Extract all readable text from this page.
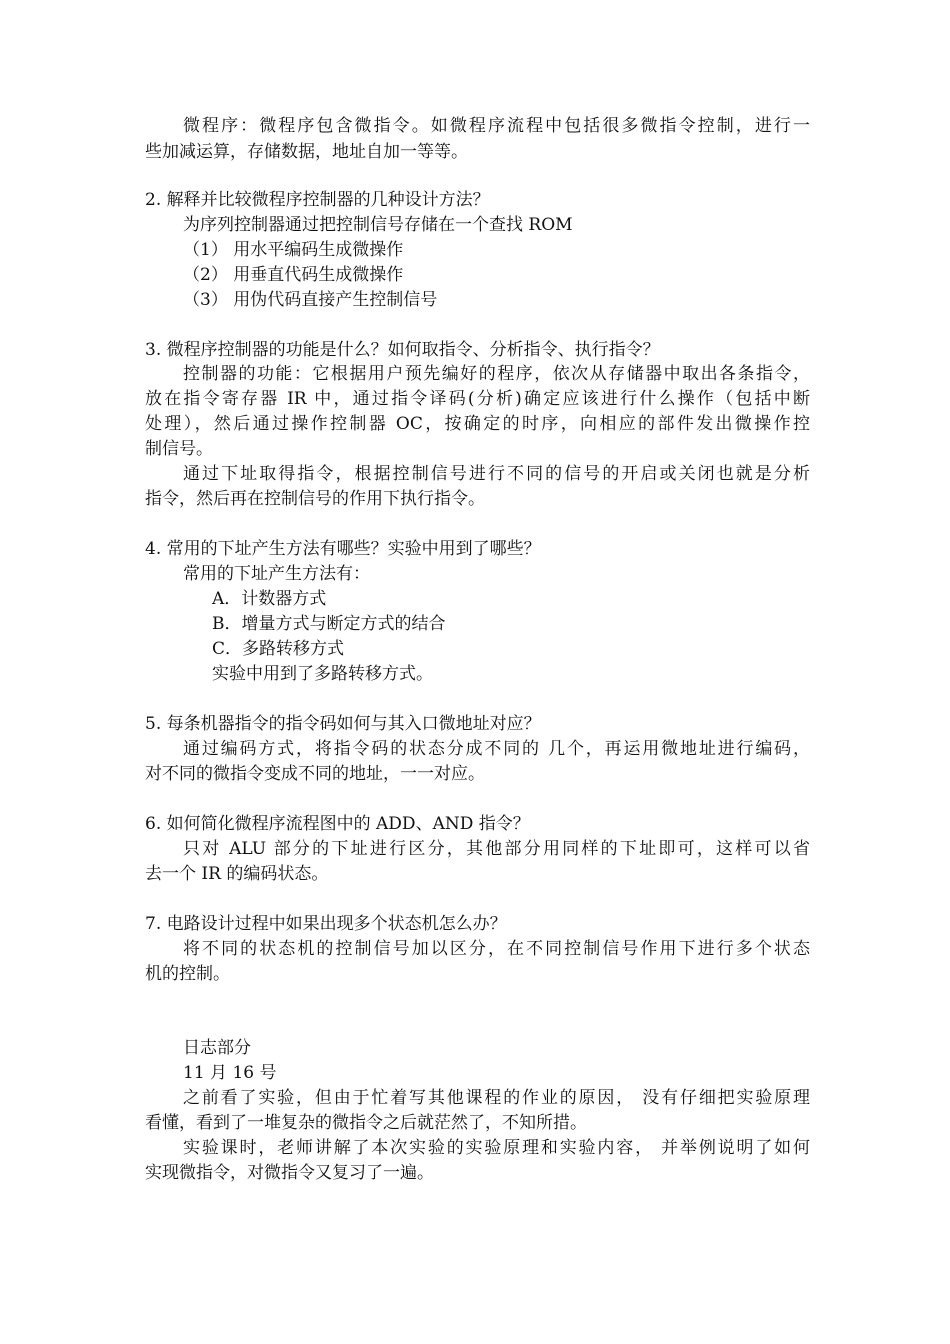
微程序：微程序包含微指令。如微程序流程中包括很多微指令控制，进行一
些加减运算，存储数据，地址自加一等等。
2. 解释并比较微程序控制器的几种设计方法？
为序列控制器通过把控制信号存储在一个查找 ROM
（1） 用水平编码生成微操作
（2） 用垂直代码生成微操作
（3） 用伪代码直接产生控制信号
3. 微程序控制器的功能是什么？如何取指令、分析指令、执行指令？
控制器的功能：它根据用户预先编好的程序，依次从存储器中取出各条指令，
放在指令寄存器 IR 中，通过指令译码(分析)确定应该进行什么操作（包括中断
处理），然后通过操作控制器 OC，按确定的时序，向相应的部件发出微操作控
制信号。
通过下址取得指令，根据控制信号进行不同的信号的开启或关闭也就是分析
指令，然后再在控制信号的作用下执行指令。
4. 常用的下址产生方法有哪些？实验中用到了哪些？
常用的下址产生方法有：
A．计数器方式
B．增量方式与断定方式的结合
C．多路转移方式
实验中用到了多路转移方式。
5. 每条机器指令的指令码如何与其入口微地址对应？
通过编码方式，将指令码的状态分成不同的 几个，再运用微地址进行编码，
对不同的微指令变成不同的地址，一一对应。
6. 如何简化微程序流程图中的 ADD、AND 指令？
只对 ALU 部分的下址进行区分，其他部分用同样的下址即可，这样可以省
去一个 IR 的编码状态。
7. 电路设计过程中如果出现多个状态机怎么办？
将不同的状态机的控制信号加以区分，在不同控制信号作用下进行多个状态
机的控制。
日志部分
11 月 16 号
之前看了实验，但由于忙着写其他课程的作业的原因， 没有仔细把实验原理
看懂，看到了一堆复杂的微指令之后就茫然了，不知所措。
实验课时，老师讲解了本次实验的实验原理和实验内容， 并举例说明了如何
实现微指令，对微指令又复习了一遍。
